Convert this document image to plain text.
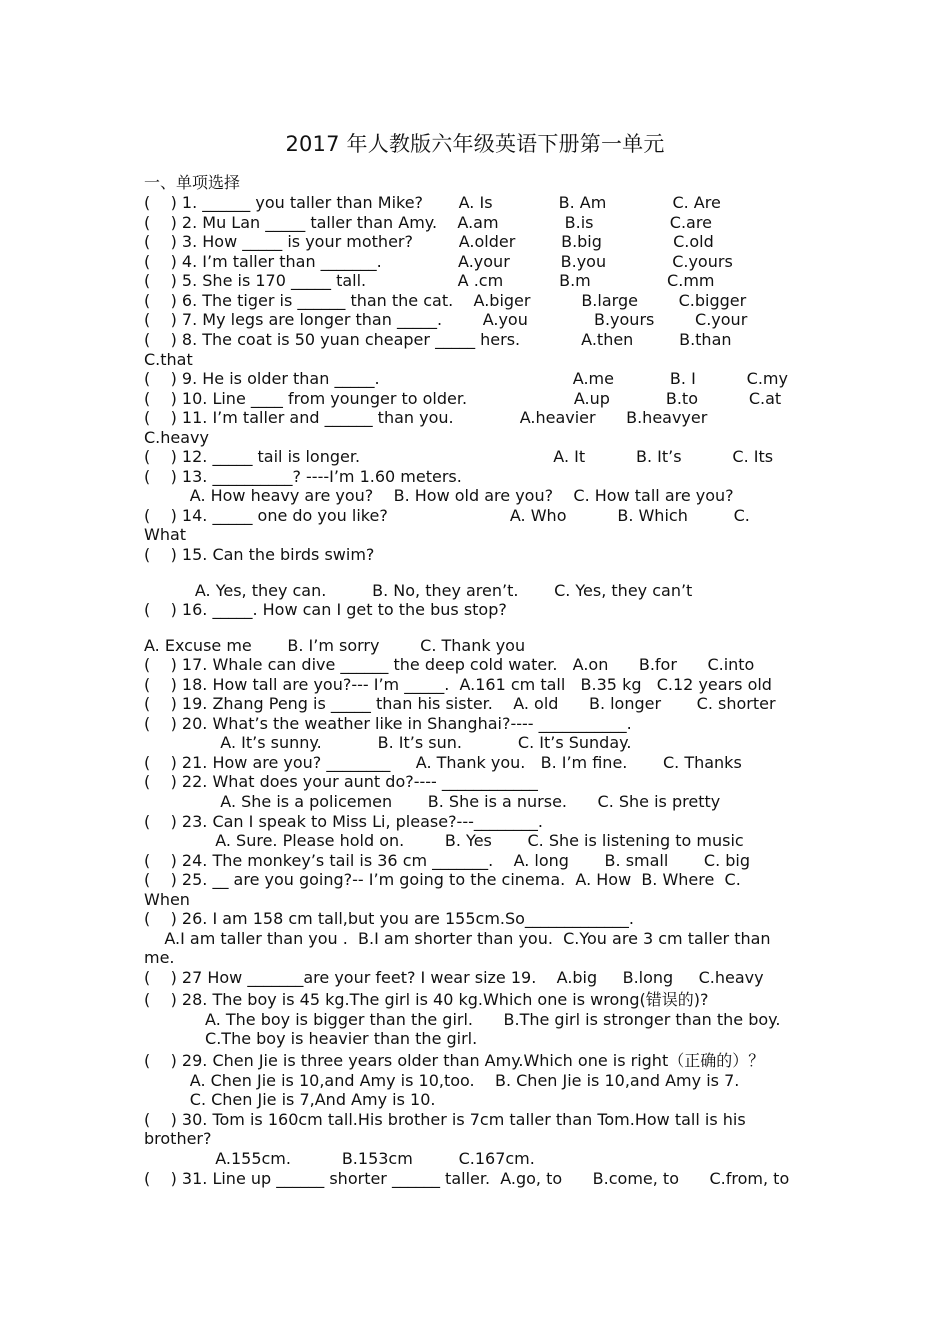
2017 年人教版六年级英语下册第一单元
一、单项选择
(    ) 1. ______ you taller than Mike?       A. Is             B. Am             C. Are
(    ) 2. Mu Lan _____ taller than Amy.    A.am             B.is               C.are
(    ) 3. How _____ is your mother?         A.older         B.big              C.old
(    ) 4. I’m taller than _______.               A.your          B.you             C.yours
(    ) 5. She is 170 _____ tall.                  A .cm           B.m               C.mm
(    ) 6. The tiger is ______ than the cat.    A.biger          B.large        C.bigger
(    ) 7. My legs are longer than _____.        A.you             B.yours        C.your
(    ) 8. The coat is 50 yuan cheaper _____ hers.            A.then         B.than
C.that
(    ) 9. He is older than _____.                                      A.me           B. I          C.my
(    ) 10. Line ____ from younger to older.                     A.up           B.to          C.at
(    ) 11. I’m taller and ______ than you.             A.heavier      B.heavyer
C.heavy
(    ) 12. _____ tail is longer.                                      A. It          B. It’s          C. Its
(    ) 13. __________? ----I’m 1.60 meters.
A. How heavy are you?    B. How old are you?    C. How tall are you?
(    ) 14. _____ one do you like?                        A. Who          B. Which         C.
What
(    ) 15. Can the birds swim?
A. Yes, they can.         B. No, they aren’t.       C. Yes, they can’t
(    ) 16. _____. How can I get to the bus stop?
A. Excuse me       B. I’m sorry        C. Thank you
(    ) 17. Whale can dive ______ the deep cold water.   A.on      B.for      C.into
(    ) 18. How tall are you?--- I’m _____.  A.161 cm tall   B.35 kg   C.12 years old
(    ) 19. Zhang Peng is _____ than his sister.    A. old      B. longer       C. shorter
(    ) 20. What’s the weather like in Shanghai?---- ___________.
A. It’s sunny.           B. It’s sun.           C. It’s Sunday.
(    ) 21. How are you? ________     A. Thank you.   B. I’m fine.       C. Thanks
(    ) 22. What does your aunt do?---- ____________
A. She is a policemen       B. She is a nurse.      C. She is pretty
(    ) 23. Can I speak to Miss Li, please?---________.
A. Sure. Please hold on.        B. Yes       C. She is listening to music
(    ) 24. The monkey’s tail is 36 cm _______.    A. long       B. small       C. big
(    ) 25. __ are you going?-- I’m going to the cinema.  A. How  B. Where  C.
When
(    ) 26. I am 158 cm tall,but you are 155cm.So_____________.
A.I am taller than you .  B.I am shorter than you.  C.You are 3 cm taller than
me.
(    ) 27 How _______are your feet? I wear size 19.    A.big     B.long     C.heavy
(    ) 28. The boy is 45 kg.The girl is 40 kg.Which one is wrong(错误的)?
A. The boy is bigger than the girl.      B.The girl is stronger than the boy.
C.The boy is heavier than the girl.
(    ) 29. Chen Jie is three years older than Amy.Which one is right（正确的）？
A. Chen Jie is 10,and Amy is 10,too.    B. Chen Jie is 10,and Amy is 7.
C. Chen Jie is 7,And Amy is 10.
(    ) 30. Tom is 160cm tall.His brother is 7cm taller than Tom.How tall is his
brother?
A.155cm.          B.153cm         C.167cm.
(    ) 31. Line up ______ shorter ______ taller.  A.go, to      B.come, to      C.from, to
